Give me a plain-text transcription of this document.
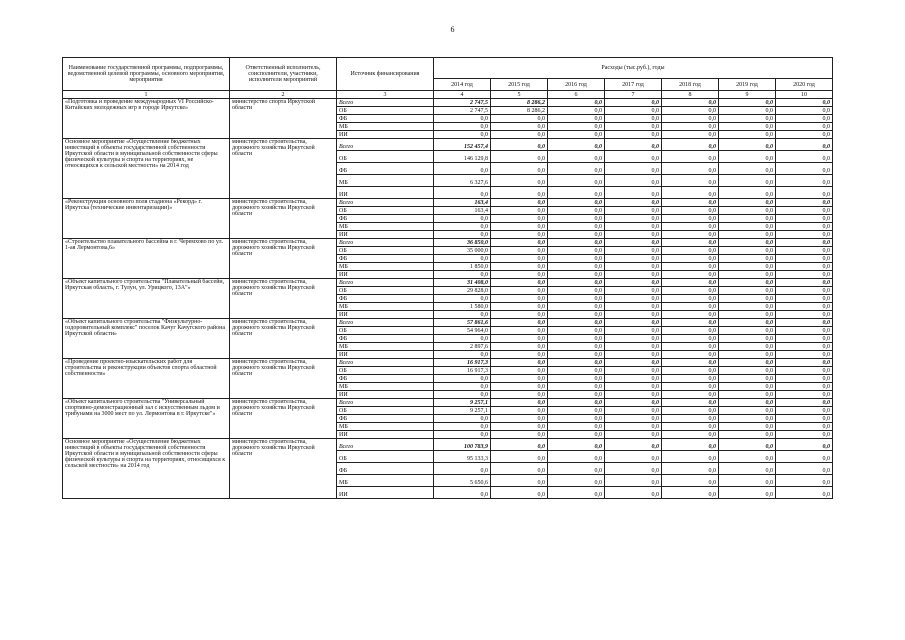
6
Наименование государственной программы, подпрограммы, ведомственной целевой программы, основного мероприятия, мероприятия	Ответственный исполнитель, соисполнители, участники, исполнители мероприятий	Источник финансирования	Расходы (тыс.руб.), годы						
			2014 год	2015 год	2016 год	2017 год	2018 год	2019 год	2020 год
1	2	3	4	5	6	7	8	9	10
«Подготовка и проведение международных VI Российско-Китайских молодежных игр в городе Иркутске»	министерство спорта Иркутской области	Всего	2 747,5	8 286,2	0,0	0,0	0,0	0,0	0,0
		ОБ	2 747,5	8 286,2	0,0	0,0	0,0	0,0	0,0
		ФБ	0,0	0,0	0,0	0,0	0,0	0,0	0,0
		МБ	0,0	0,0	0,0	0,0	0,0	0,0	0,0
		ИИ	0,0	0,0	0,0	0,0	0,0	0,0	0,0
Основное мероприятие «Осуществление бюджетных инвестиций в объекты государственной собственности Иркутской области и муниципальной собственности сферы физической культуры и спорта на территориях, не относящихся к сельской местности» на 2014 год	министерство строительства, дорожного хозяйства Иркутской области	Всего	152 457,4	0,0	0,0	0,0	0,0	0,0	0,0
		ОБ	146 129,8	0,0	0,0	0,0	0,0	0,0	0,0
		ФБ	0,0	0,0	0,0	0,0	0,0	0,0	0,0
		МБ	6 327,6	0,0	0,0	0,0	0,0	0,0	0,0
		ИИ	0,0	0,0	0,0	0,0	0,0	0,0	0,0
«Реконструкция основного поля стадиона «Рекорд» г. Иркутска (технические инвентаризации)»	министерство строительства, дорожного хозяйства Иркутской области	Всего	163,4	0,0	0,0	0,0	0,0	0,0	0,0
		ОБ	163,4	0,0	0,0	0,0	0,0	0,0	0,0
		ФБ	0,0	0,0	0,0	0,0	0,0	0,0	0,0
		МБ	0,0	0,0	0,0	0,0	0,0	0,0	0,0
		ИИ	0,0	0,0	0,0	0,0	0,0	0,0	0,0
«Строительство плавательного бассейна в г. Черемхово по ул. 1-ая Лермонтова,6»	министерство строительства, дорожного хозяйства Иркутской области	Всего	36 850,0	0,0	0,0	0,0	0,0	0,0	0,0
		ОБ	35 000,0	0,0	0,0	0,0	0,0	0,0	0,0
		ФБ	0,0	0,0	0,0	0,0	0,0	0,0	0,0
		МБ	1 850,0	0,0	0,0	0,0	0,0	0,0	0,0
		ИИ	0,0	0,0	0,0	0,0	0,0	0,0	0,0
«Объект капитального строительства "Плавательный бассейн, Иркутская область, г. Тулун, ул. Урицкого, 13А"»	министерство строительства, дорожного хозяйства Иркутской области	Всего	31 408,0	0,0	0,0	0,0	0,0	0,0	0,0
		ОБ	29 828,0	0,0	0,0	0,0	0,0	0,0	0,0
		ФБ	0,0	0,0	0,0	0,0	0,0	0,0	0,0
		МБ	1 580,0	0,0	0,0	0,0	0,0	0,0	0,0
		ИИ	0,0	0,0	0,0	0,0	0,0	0,0	0,0
«Объект капитального строительства "Физкультурно-оздоровительный комплекс" поселок Качуг Качугского района Иркутской области»	министерство строительства, дорожного хозяйства Иркутской области	Всего	57 861,6	0,0	0,0	0,0	0,0	0,0	0,0
		ОБ	54 964,0	0,0	0,0	0,0	0,0	0,0	0,0
		ФБ	0,0	0,0	0,0	0,0	0,0	0,0	0,0
		МБ	2 897,6	0,0	0,0	0,0	0,0	0,0	0,0
		ИИ	0,0	0,0	0,0	0,0	0,0	0,0	0,0
«Проведение проектно-изыскательских работ для строительства и реконструкции объектов спорта областной собственности»	министерство строительства, дорожного хозяйства Иркутской области	Всего	16 917,3	0,0	0,0	0,0	0,0	0,0	0,0
		ОБ	16 917,3	0,0	0,0	0,0	0,0	0,0	0,0
		ФБ	0,0	0,0	0,0	0,0	0,0	0,0	0,0
		МБ	0,0	0,0	0,0	0,0	0,0	0,0	0,0
		ИИ	0,0	0,0	0,0	0,0	0,0	0,0	0,0
«Объект капитального строительства "Универсальный спортивно-демонстрационный зал с искусственным льдом и трибунами на 3000 мест по ул. Лермонтова в г. Иркутске"»	министерство строительства, дорожного хозяйства Иркутской области	Всего	9 257,1	0,0	0,0	0,0	0,0	0,0	0,0
		ОБ	9 257,1	0,0	0,0	0,0	0,0	0,0	0,0
		ФБ	0,0	0,0	0,0	0,0	0,0	0,0	0,0
		МБ	0,0	0,0	0,0	0,0	0,0	0,0	0,0
		ИИ	0,0	0,0	0,0	0,0	0,0	0,0	0,0
Основное мероприятие «Осуществление бюджетных инвестиций в объекты государственной собственности Иркутской области и муниципальной собственности сферы физической культуры и спорта на территориях, относящихся к сельской местности» на 2014 год	министерство строительства, дорожного хозяйства Иркутской области	Всего	100 783,9	0,0	0,0	0,0	0,0	0,0	0,0
		ОБ	95 133,3	0,0	0,0	0,0	0,0	0,0	0,0
		ФБ	0,0	0,0	0,0	0,0	0,0	0,0	0,0
		МБ	5 650,6	0,0	0,0	0,0	0,0	0,0	0,0
		ИИ	0,0	0,0	0,0	0,0	0,0	0,0	0,0
